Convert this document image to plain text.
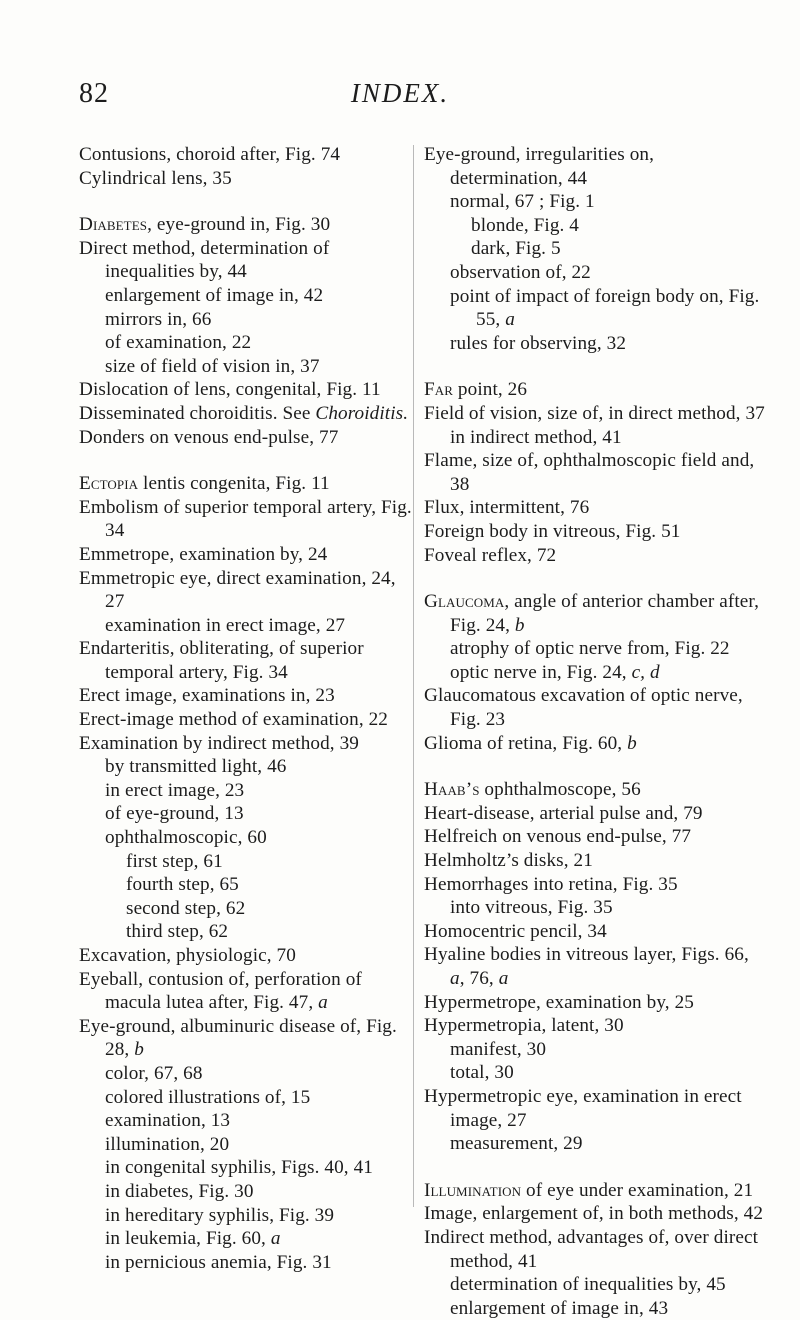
82	INDEX.

Contusions, choroid after, Fig. 74

Cylindrical lens, 35

Diabetes, eye-ground in, Fig. 30

Direct method, determination of inequalities by, 44

enlargement of image in, 42

mirrors in, 66

of examination, 22

size of field of vision in, 37

Dislocation of lens, congenital, Fig. 11

Disseminated choroiditis. See Choroiditis.

Donders on venous end-pulse, 77

Ectopia lentis congenita, Fig. 11

Embolism of superior temporal artery, Fig. 34

Emmetrope, examination by, 24

Emmetropic eye, direct examination, 24, 27

examination in erect image, 27

Endarteritis, obliterating, of superior temporal artery, Fig. 34

Erect image, examinations in, 23

Erect-image method of examination, 22

Examination by indirect method, 39

by transmitted light, 46

in erect image, 23

of eye-ground, 13

ophthalmoscopic, 60

first step, 61

fourth step, 65

second step, 62

third step, 62

Excavation, physiologic, 70

Eyeball, contusion of, perforation of macula lutea after, Fig. 47, a

Eye-ground, albuminuric disease of, Fig. 28, b

color, 67, 68

colored illustrations of, 15

examination, 13

illumination, 20

in congenital syphilis, Figs. 40, 41

in diabetes, Fig. 30

in hereditary syphilis, Fig. 39

in leukemia, Fig. 60, a

in pernicious anemia, Fig. 31

Eye-ground, irregularities on, determination, 44

normal, 67 ; Fig. 1

blonde, Fig. 4

dark, Fig. 5

observation of, 22

point of impact of foreign body on, Fig. 55, a

rules for observing, 32

Far point, 26

Field of vision, size of, in direct method, 37

in indirect method, 41

Flame, size of, ophthalmoscopic field and, 38

Flux, intermittent, 76

Foreign body in vitreous, Fig. 51

Foveal reflex, 72

Glaucoma, angle of anterior chamber after, Fig. 24, b

atrophy of optic nerve from, Fig. 22

optic nerve in, Fig. 24, c, d

Glaucomatous excavation of optic nerve, Fig. 23

Glioma of retina, Fig. 60, b

Haab’s ophthalmoscope, 56

Heart-disease, arterial pulse and, 79

Helfreich on venous end-pulse, 77

Helmholtz’s disks, 21

Hemorrhages into retina, Fig. 35

into vitreous, Fig. 35

Homocentric pencil, 34

Hyaline bodies in vitreous layer, Figs. 66, a, 76, a

Hypermetrope, examination by, 25

Hypermetropia, latent, 30

manifest, 30

total, 30

Hypermetropic eye, examination in erect image, 27

measurement, 29

Illumination of eye under examination, 21

Image, enlargement of, in both methods, 42

Indirect method, advantages of, over direct method, 41

determination of inequalities by, 45

enlargement of image in, 43
